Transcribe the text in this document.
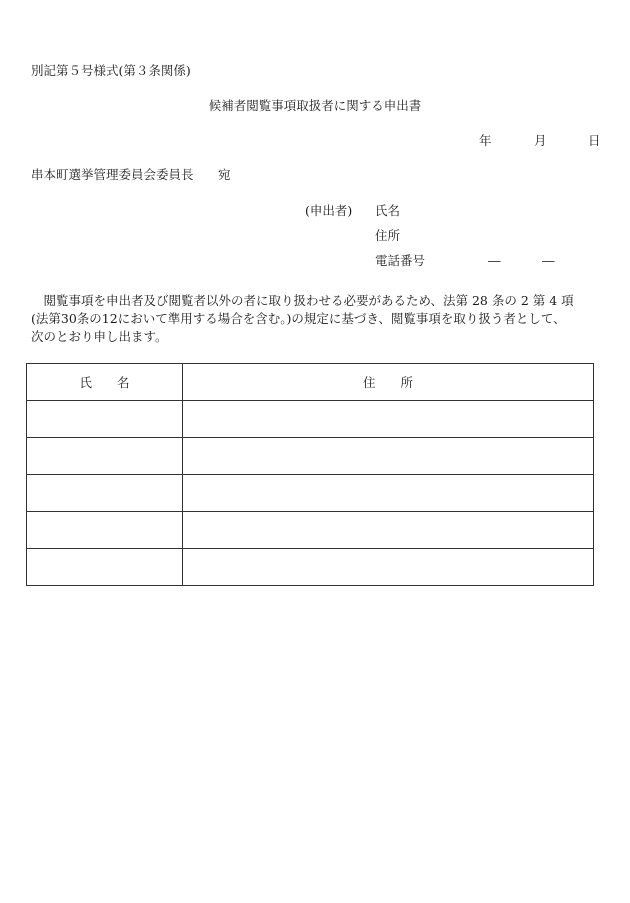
別記第５号様式(第３条関係)
候補者閲覧事項取扱者に関する申出書
年	月	日
串本町選挙管理委員会委員長 宛
(申出者) 氏名
住所
電話番号	―	―
　閲覧事項を申出者及び閲覧者以外の者に取り扱わせる必要があるため、法第 28 条の 2 第 4 項
(法第30条の12において準用する場合を含む。)の規定に基づき、閲覧事項を取り扱う者として、
次のとおり申し出ます。
氏　　名	住　　所
